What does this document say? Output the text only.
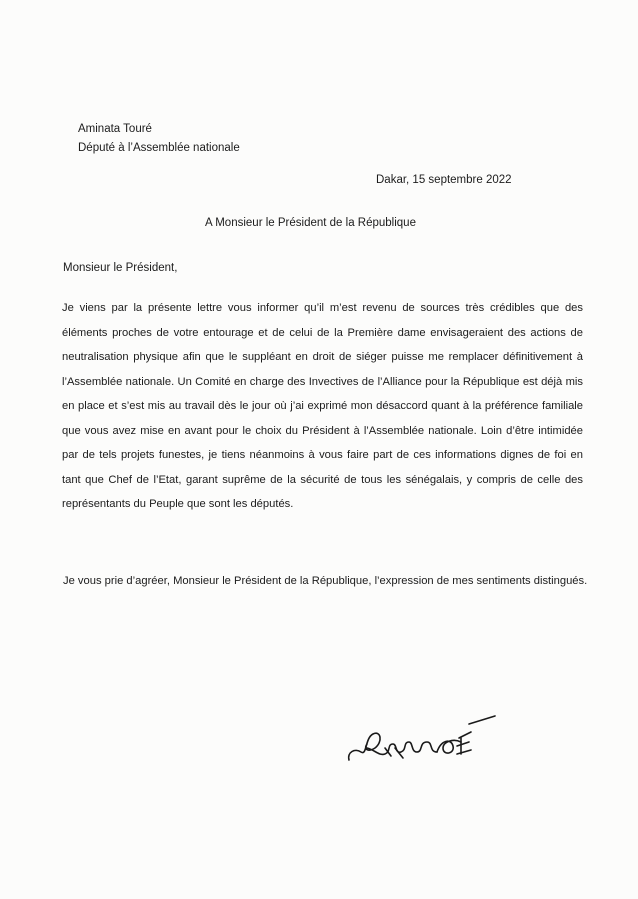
Aminata Touré
Député à l’Assemblée nationale
Dakar, 15 septembre 2022
A Monsieur le Président de la République
Monsieur le Président,
Je viens par la présente lettre vous informer qu’il m’est revenu de sources très crédibles que des éléments proches de votre entourage et de celui de la Première dame envisageraient des actions de neutralisation physique afin que le suppléant en droit de siéger puisse me remplacer définitivement à l’Assemblée nationale. Un Comité en charge des Invectives de l’Alliance pour la République est déjà mis en place et s’est mis au travail dès le jour où j’ai exprimé mon désaccord quant à la préférence familiale que vous avez mise en avant pour le choix du Président à l’Assemblée nationale. Loin d’être intimidée par de tels projets funestes, je tiens néanmoins à vous faire part de ces informations dignes de foi en tant que Chef de l’Etat, garant suprême de la sécurité de tous les sénégalais, y compris de celle des représentants du Peuple que sont les députés.
Je vous prie d’agréer, Monsieur le Président de la République, l’expression de mes sentiments distingués.
